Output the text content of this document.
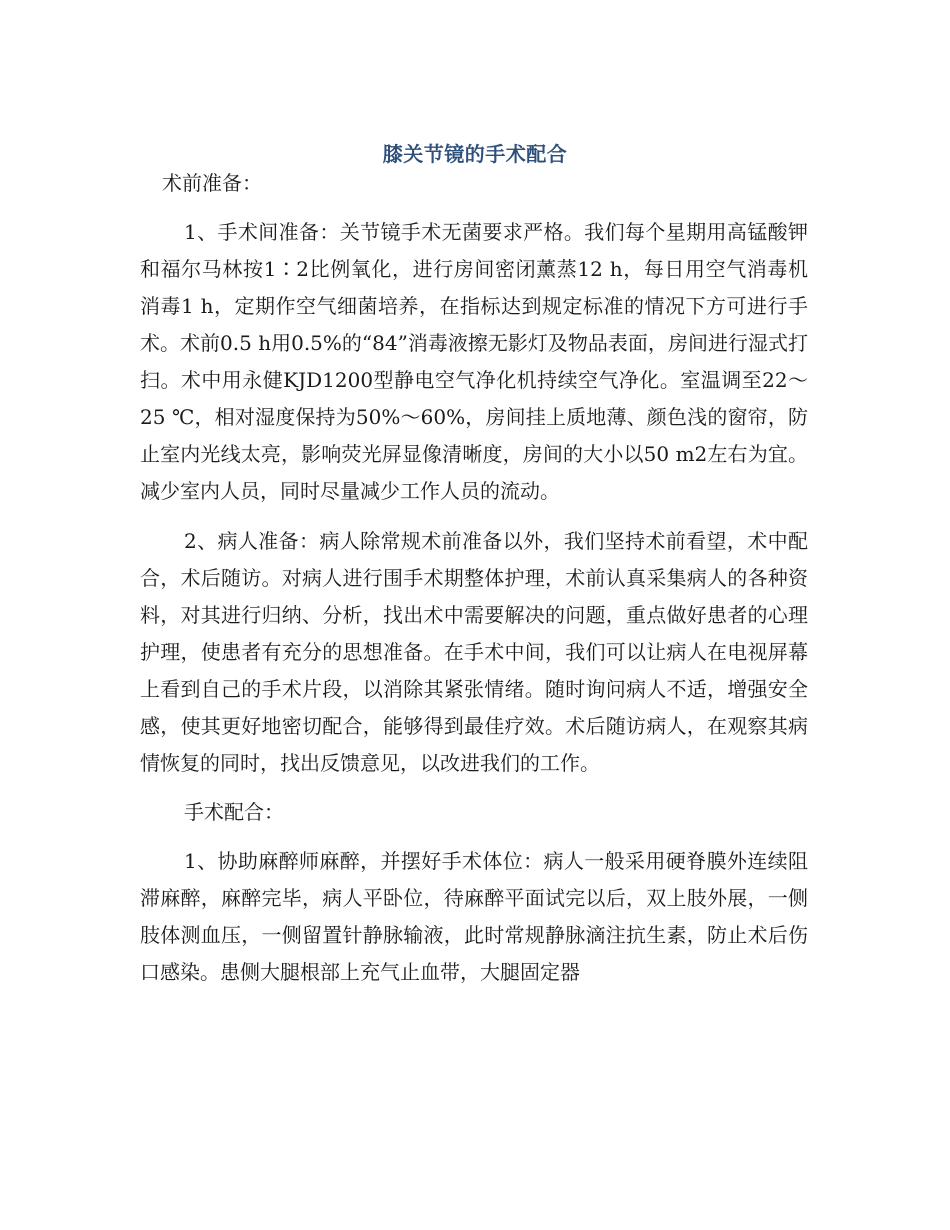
膝关节镜的手术配合

术前准备：

1、手术间准备：关节镜手术无菌要求严格。我们每个星期用高锰酸钾和福尔马林按1∶2比例氧化，进行房间密闭薰蒸12 h，每日用空气消毒机消毒1 h，定期作空气细菌培养，在指标达到规定标准的情况下方可进行手术。术前0.5 h用0.5%的“84”消毒液擦无影灯及物品表面，房间进行湿式打扫。术中用永健KJD1200型静电空气净化机持续空气净化。室温调至22～25 ℃，相对湿度保持为50%～60%，房间挂上质地薄、颜色浅的窗帘，防止室内光线太亮，影响荧光屏显像清晰度，房间的大小以50 m2左右为宜。减少室内人员，同时尽量减少工作人员的流动。

2、病人准备：病人除常规术前准备以外，我们坚持术前看望，术中配合，术后随访。对病人进行围手术期整体护理，术前认真采集病人的各种资料，对其进行归纳、分析，找出术中需要解决的问题，重点做好患者的心理护理，使患者有充分的思想准备。在手术中间，我们可以让病人在电视屏幕上看到自己的手术片段，以消除其紧张情绪。随时询问病人不适，增强安全感，使其更好地密切配合，能够得到最佳疗效。术后随访病人，在观察其病情恢复的同时，找出反馈意见，以改进我们的工作。

手术配合：

1、协助麻醉师麻醉，并摆好手术体位：病人一般采用硬脊膜外连续阻滞麻醉，麻醉完毕，病人平卧位，待麻醉平面试完以后，双上肢外展，一侧肢体测血压，一侧留置针静脉输液，此时常规静脉滴注抗生素，防止术后伤口感染。患侧大腿根部上充气止血带，大腿固定器
